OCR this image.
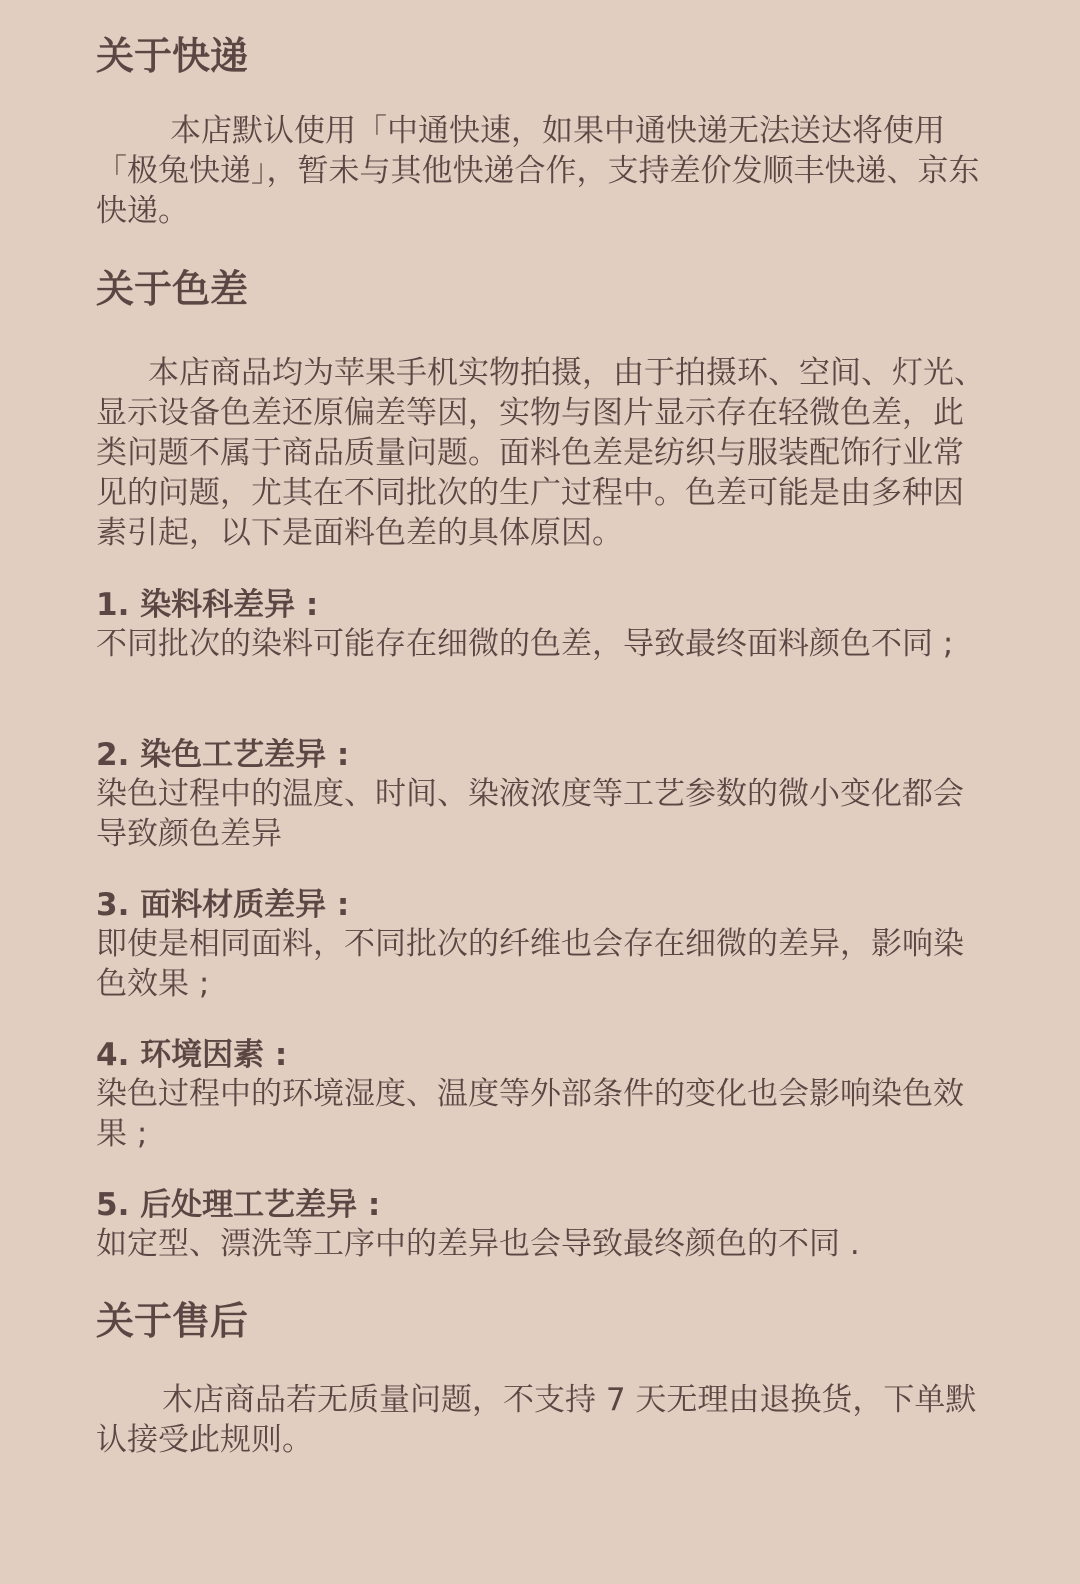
关于快递

本店默认使用「中通快速，如果中通快递无法送达将使用「极兔快递」，暂未与其他快递合作，支持差价发顺丰快递、京东快递。

关于色差

本店商品均为苹果手机实物拍摄，由于拍摄环、空间、灯光、显示设备色差还原偏差等因，实物与图片显示存在轻微色差，此类问题不属于商品质量问题。面料色差是纺织与服装配饰行业常见的问题，尤其在不同批次的生广过程中。色差可能是由多种因素引起，以下是面料色差的具体原因。

1. 染料科差异 :

不同批次的染料可能存在细微的色差，导致最终面料颜色不同 ;

2. 染色工艺差异 :

染色过程中的温度、时间、染液浓度等工艺参数的微小变化都会导致颜色差异

3. 面料材质差异 :

即使是相同面料，不同批次的纤维也会存在细微的差异，影响染色效果 ;

4. 环境因素 :

染色过程中的环境湿度、温度等外部条件的变化也会影响染色效果 ;

5. 后处理工艺差异 :

如定型、漂洗等工序中的差异也会导致最终颜色的不同 .

关于售后

木店商品若无质量问题，不支持 7 天无理由退换货，下单默认接受此规则。
